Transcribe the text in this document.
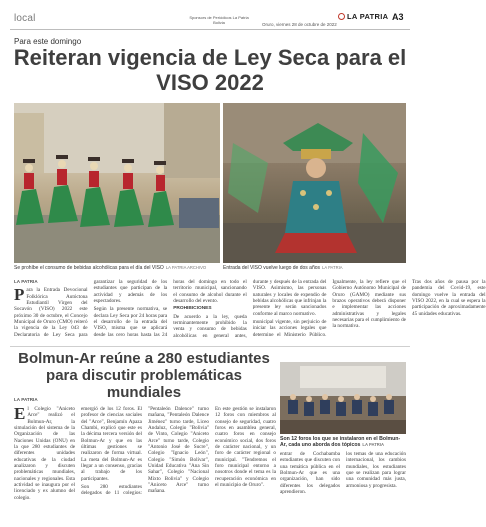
local	Sponsors de Periódicos La Patria Bolivia	Oruro, viernes 28 de octubre de 2022
LA PATRIA A3
Para este domingo
Reiteran vigencia de Ley Seca para el VISO 2022
Se prohíbe el consumo de bebidas alcohólicas para el día del VISO LA PATRIA ARCHIVO	Entrada del VISO vuelve luego de dos años LA PATRIA
LA PATRIA

Para la Entrada Devocional Folklórica Autóctona Estudiantil Virgen del Socavón (VISO) 2022 este próximo 30 de octubre, el Concejo Municipal de Oruro (CMO) reiteró la vigencia de la Ley 043 de Declaratoria de Ley Seca para garantizar la seguridad de los estudiantes que participan de la actividad y además de los espectadores.

Según la presente normativa, se declara Ley Seca por 24 horas para el desarrollo de la entrada del VISO, misma que se aplicará desde las cero horas hasta las 24 horas del domingo en todo el territorio municipal, sancionando el consumo de alcohol durante el desarrollo del evento.

PROHIBICIONES

De acuerdo a la ley, queda terminantemente prohibido la venta y consumo de bebidas alcohólicas en general antes, durante y después de la entrada del VISO. Asimismo, las personas naturales y locales de expendio de bebidas alcohólicas que infrinjan la presente ley serán sancionados conforme al marco normativo.

municipal vigente, sin perjuicio de iniciar las acciones legales que determine el Ministerio Público. Igualmente, la ley refiere que el Gobierno Autónomo Municipal de Oruro (GAMO) mediante sus brazos operativos deberá disponer e implementar las acciones administrativas y legales necesarias para el cumplimiento de la normativa.

Tras dos años de pausa por la pandemia del Covid-19, este domingo vuelve la entrada del VISO 2022, en la cual se espera la participación de aproximadamente 45 unidades educativas.

Bolmun-Ar reúne a 280 estudiantes para discutir problemáticas mundiales
LA PATRIA

El Colegio "Aniceto Arce" realizó el Bolmun-Ar, la simulación del sistema de la Organización de las Naciones Unidas (ONU) en la que 280 estudiantes de diferentes unidades educativas de la ciudad analizaron y discuten problemáticas mundiales, nacionales y regionales. Esta actividad se inaugura por el licenciado y ex alumno del colegio.

emergió de los 12 foros. El profesor de ciencias sociales del "Arce", Benjamín Apaza Chambi, explicó que este es la décima tercera versión del Bolmun-Ar y que en las últimas gestiones se realizaron de forma virtual. La meta del Bolmun-Ar es llegar a un consenso, gracias al trabajo de los participantes.

Son 280 estudiantes delegados de 11 colegios: "Pentaleón Dalence" turno mañana, "Pentaleón Dalence Jiménez" turno tarde, Liceo Andaluz, Colegio "Bolivia" de Vinto, Colegio "Aniceto Arce" turno tarde, Colegio "Antonio José de Sucre", Colegio "Ignacio León", Colegio "Simón Bolívar", Unidad Educativa "Ana Sin Sahar", Colegio "Nacional Mixto Bolivia" y Colegio "Aniceto Arce" turno mañana.

En este gestión se instalaron 12 foros con miembros al consejo de seguridad, cuatro foros en asamblea general, cuatro foros en consejo económico social, dos foros de carácter nacional, y un foro de carácter regional o municipal. "Tendremos el foro municipal entorno a nosotros donde el tema es la recuperación económica en el municipio de Oruro".

Son 12 foros los que se instalaron en el Bolmun-Ar, cada uno aborda dos tópicos LA PATRIA

entrar de Cochabamba estudiantes que discuten con una temática pública en el Bolmun-Ar que es una organización, han sido diferentes los delegados aprendieron.

los temas de una educación internacional, los cambios mundiales, los estudiantes que se realizan para lograr una comunidad más justa, armoniosa y progresista.
